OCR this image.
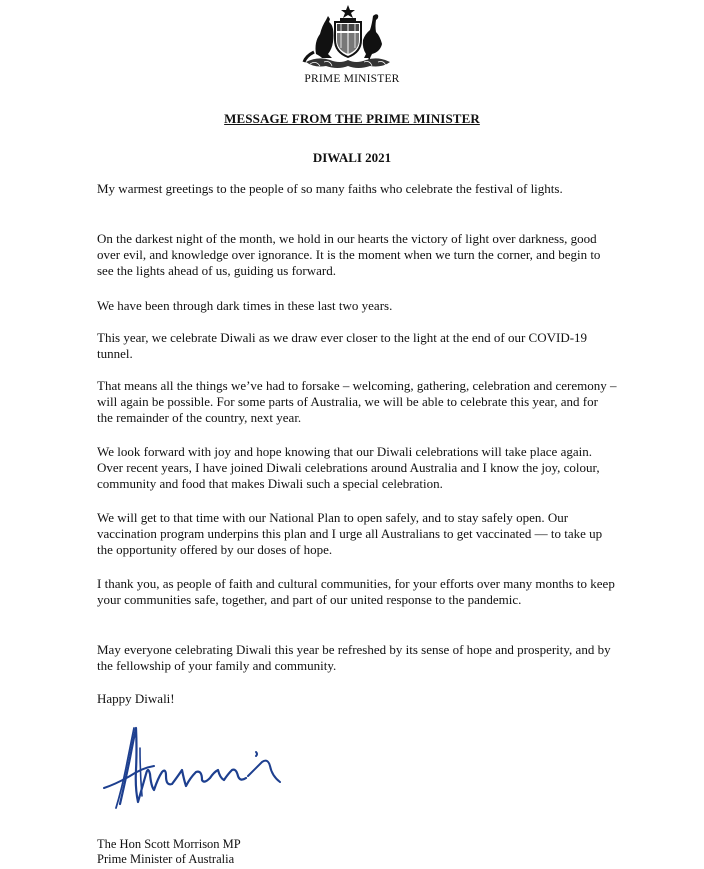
PRIME MINISTER
MESSAGE FROM THE PRIME MINISTER
DIWALI 2021

My warmest greetings to the people of so many faiths who celebrate the festival of lights.

On the darkest night of the month, we hold in our hearts the victory of light over darkness, good over evil, and knowledge over ignorance. It is the moment when we turn the corner, and begin to see the lights ahead of us, guiding us forward.

We have been through dark times in these last two years.

This year, we celebrate Diwali as we draw ever closer to the light at the end of our COVID-19 tunnel.

That means all the things we’ve had to forsake – welcoming, gathering, celebration and ceremony – will again be possible. For some parts of Australia, we will be able to celebrate this year, and for the remainder of the country, next year.

We look forward with joy and hope knowing that our Diwali celebrations will take place again. Over recent years, I have joined Diwali celebrations around Australia and I know the joy, colour, community and food that makes Diwali such a special celebration.

We will get to that time with our National Plan to open safely, and to stay safely open. Our vaccination program underpins this plan and I urge all Australians to get vaccinated — to take up the opportunity offered by our doses of hope.

I thank you, as people of faith and cultural communities, for your efforts over many months to keep your communities safe, together, and part of our united response to the pandemic.

May everyone celebrating Diwali this year be refreshed by its sense of hope and prosperity, and by the fellowship of your family and community.

Happy Diwali!

The Hon Scott Morrison MP
Prime Minister of Australia
